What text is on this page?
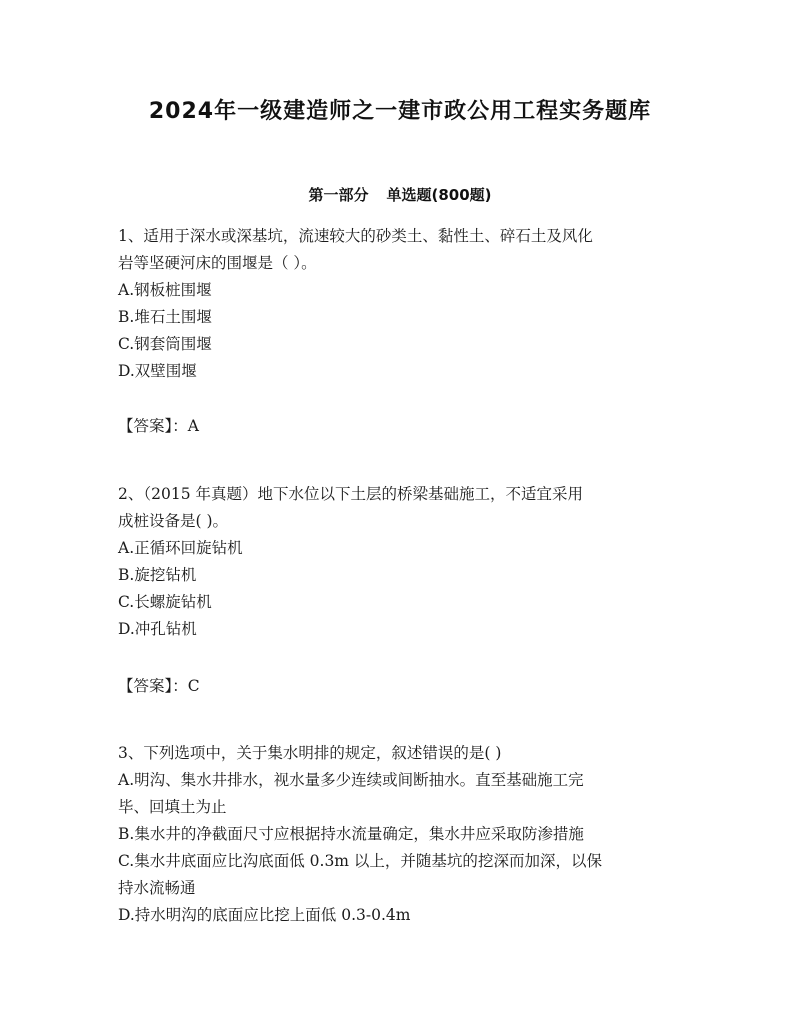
2024年一级建造师之一建市政公用工程实务题库
第一部分 单选题(800题)
1、适用于深水或深基坑，流速较大的砂类土、黏性土、碎石土及风化
岩等坚硬河床的围堰是（ ）。
A.钢板桩围堰
B.堆石土围堰
C.钢套筒围堰
D.双壁围堰
【答案】：A
2、（2015 年真题）地下水位以下土层的桥梁基础施工，不适宜采用
成桩设备是( )。
A.正循环回旋钻机
B.旋挖钻机
C.长螺旋钻机
D.冲孔钻机
【答案】：C
3、下列选项中，关于集水明排的规定，叙述错误的是( )
A.明沟、集水井排水，视水量多少连续或间断抽水。直至基础施工完
毕、回填土为止
B.集水井的净截面尺寸应根据持水流量确定，集水井应采取防渗措施
C.集水井底面应比沟底面低 0.3m 以上，并随基坑的挖深而加深，以保
持水流畅通
D.持水明沟的底面应比挖上面低 0.3-0.4m
